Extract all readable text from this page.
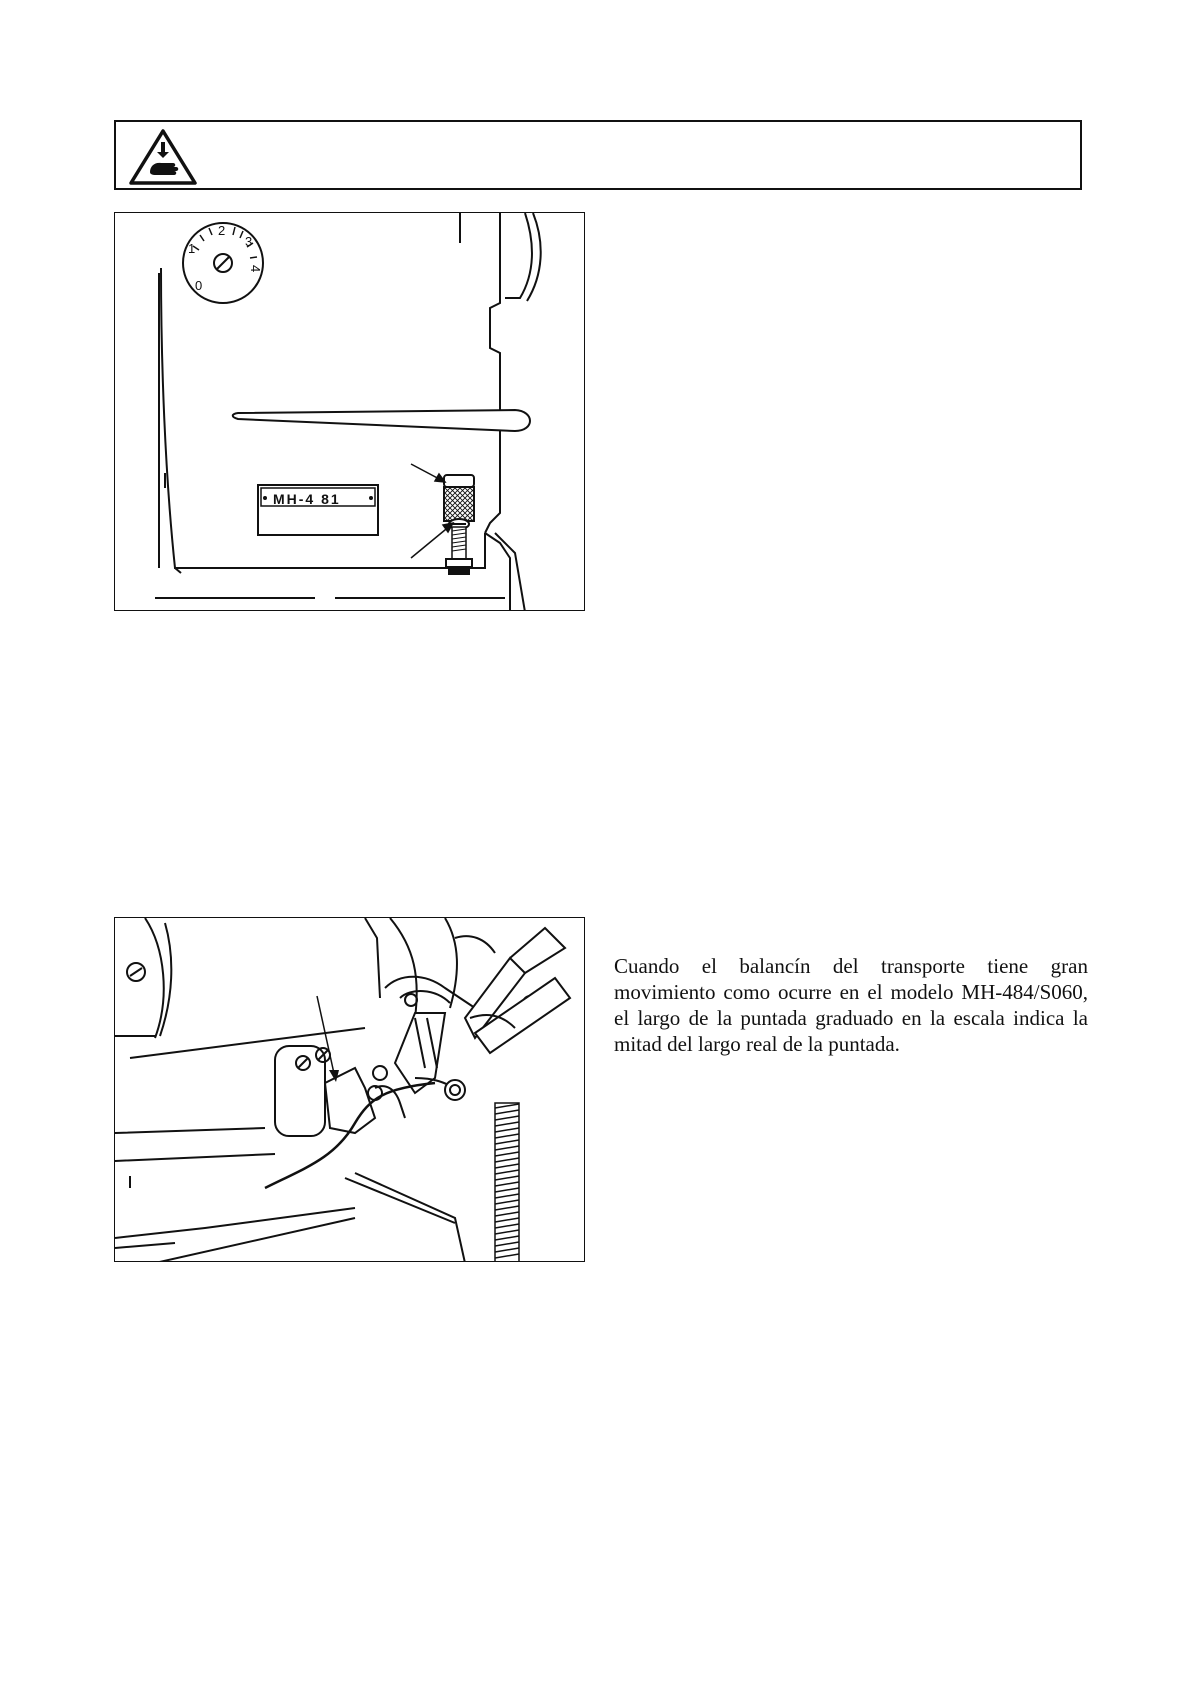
0
1
2
3
4
MH-4 81

Cuando el balancín del transporte tiene gran movimiento como ocurre en el modelo MH-484/S060, el largo de la puntada graduado en la escala indica la mitad del largo real de la puntada.
